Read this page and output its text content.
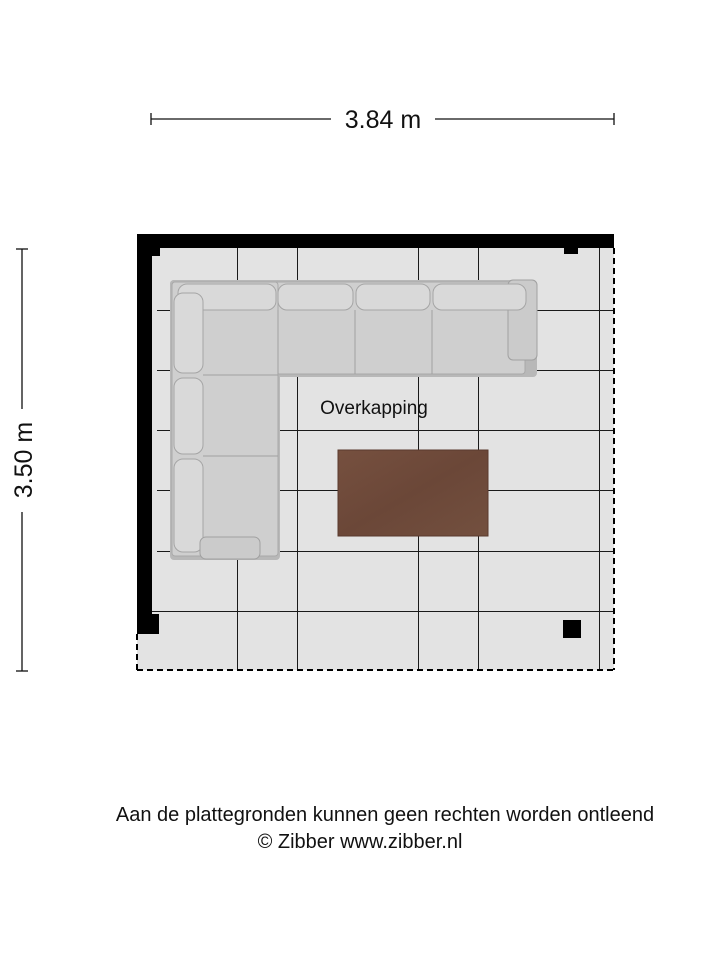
3.84 m
3.50 m
Overkapping
Aan de plattegronden kunnen geen rechten worden ontleend
© Zibber www.zibber.nl
